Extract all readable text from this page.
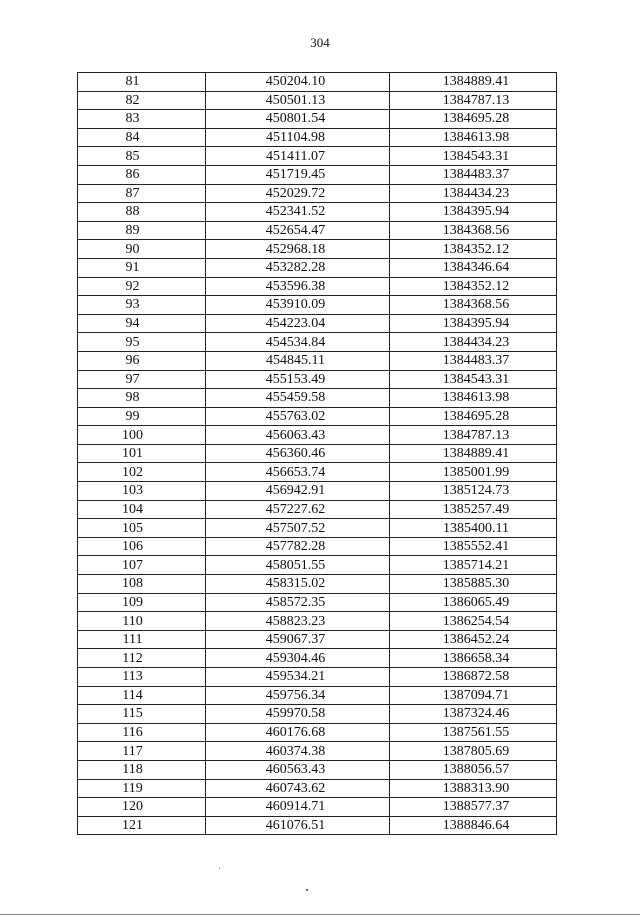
304
81	450204.10	1384889.41
82	450501.13	1384787.13
83	450801.54	1384695.28
84	451104.98	1384613.98
85	451411.07	1384543.31
86	451719.45	1384483.37
87	452029.72	1384434.23
88	452341.52	1384395.94
89	452654.47	1384368.56
90	452968.18	1384352.12
91	453282.28	1384346.64
92	453596.38	1384352.12
93	453910.09	1384368.56
94	454223.04	1384395.94
95	454534.84	1384434.23
96	454845.11	1384483.37
97	455153.49	1384543.31
98	455459.58	1384613.98
99	455763.02	1384695.28
100	456063.43	1384787.13
101	456360.46	1384889.41
102	456653.74	1385001.99
103	456942.91	1385124.73
104	457227.62	1385257.49
105	457507.52	1385400.11
106	457782.28	1385552.41
107	458051.55	1385714.21
108	458315.02	1385885.30
109	458572.35	1386065.49
110	458823.23	1386254.54
111	459067.37	1386452.24
112	459304.46	1386658.34
113	459534.21	1386872.58
114	459756.34	1387094.71
115	459970.58	1387324.46
116	460176.68	1387561.55
117	460374.38	1387805.69
118	460563.43	1388056.57
119	460743.62	1388313.90
120	460914.71	1388577.37
121	461076.51	1388846.64
